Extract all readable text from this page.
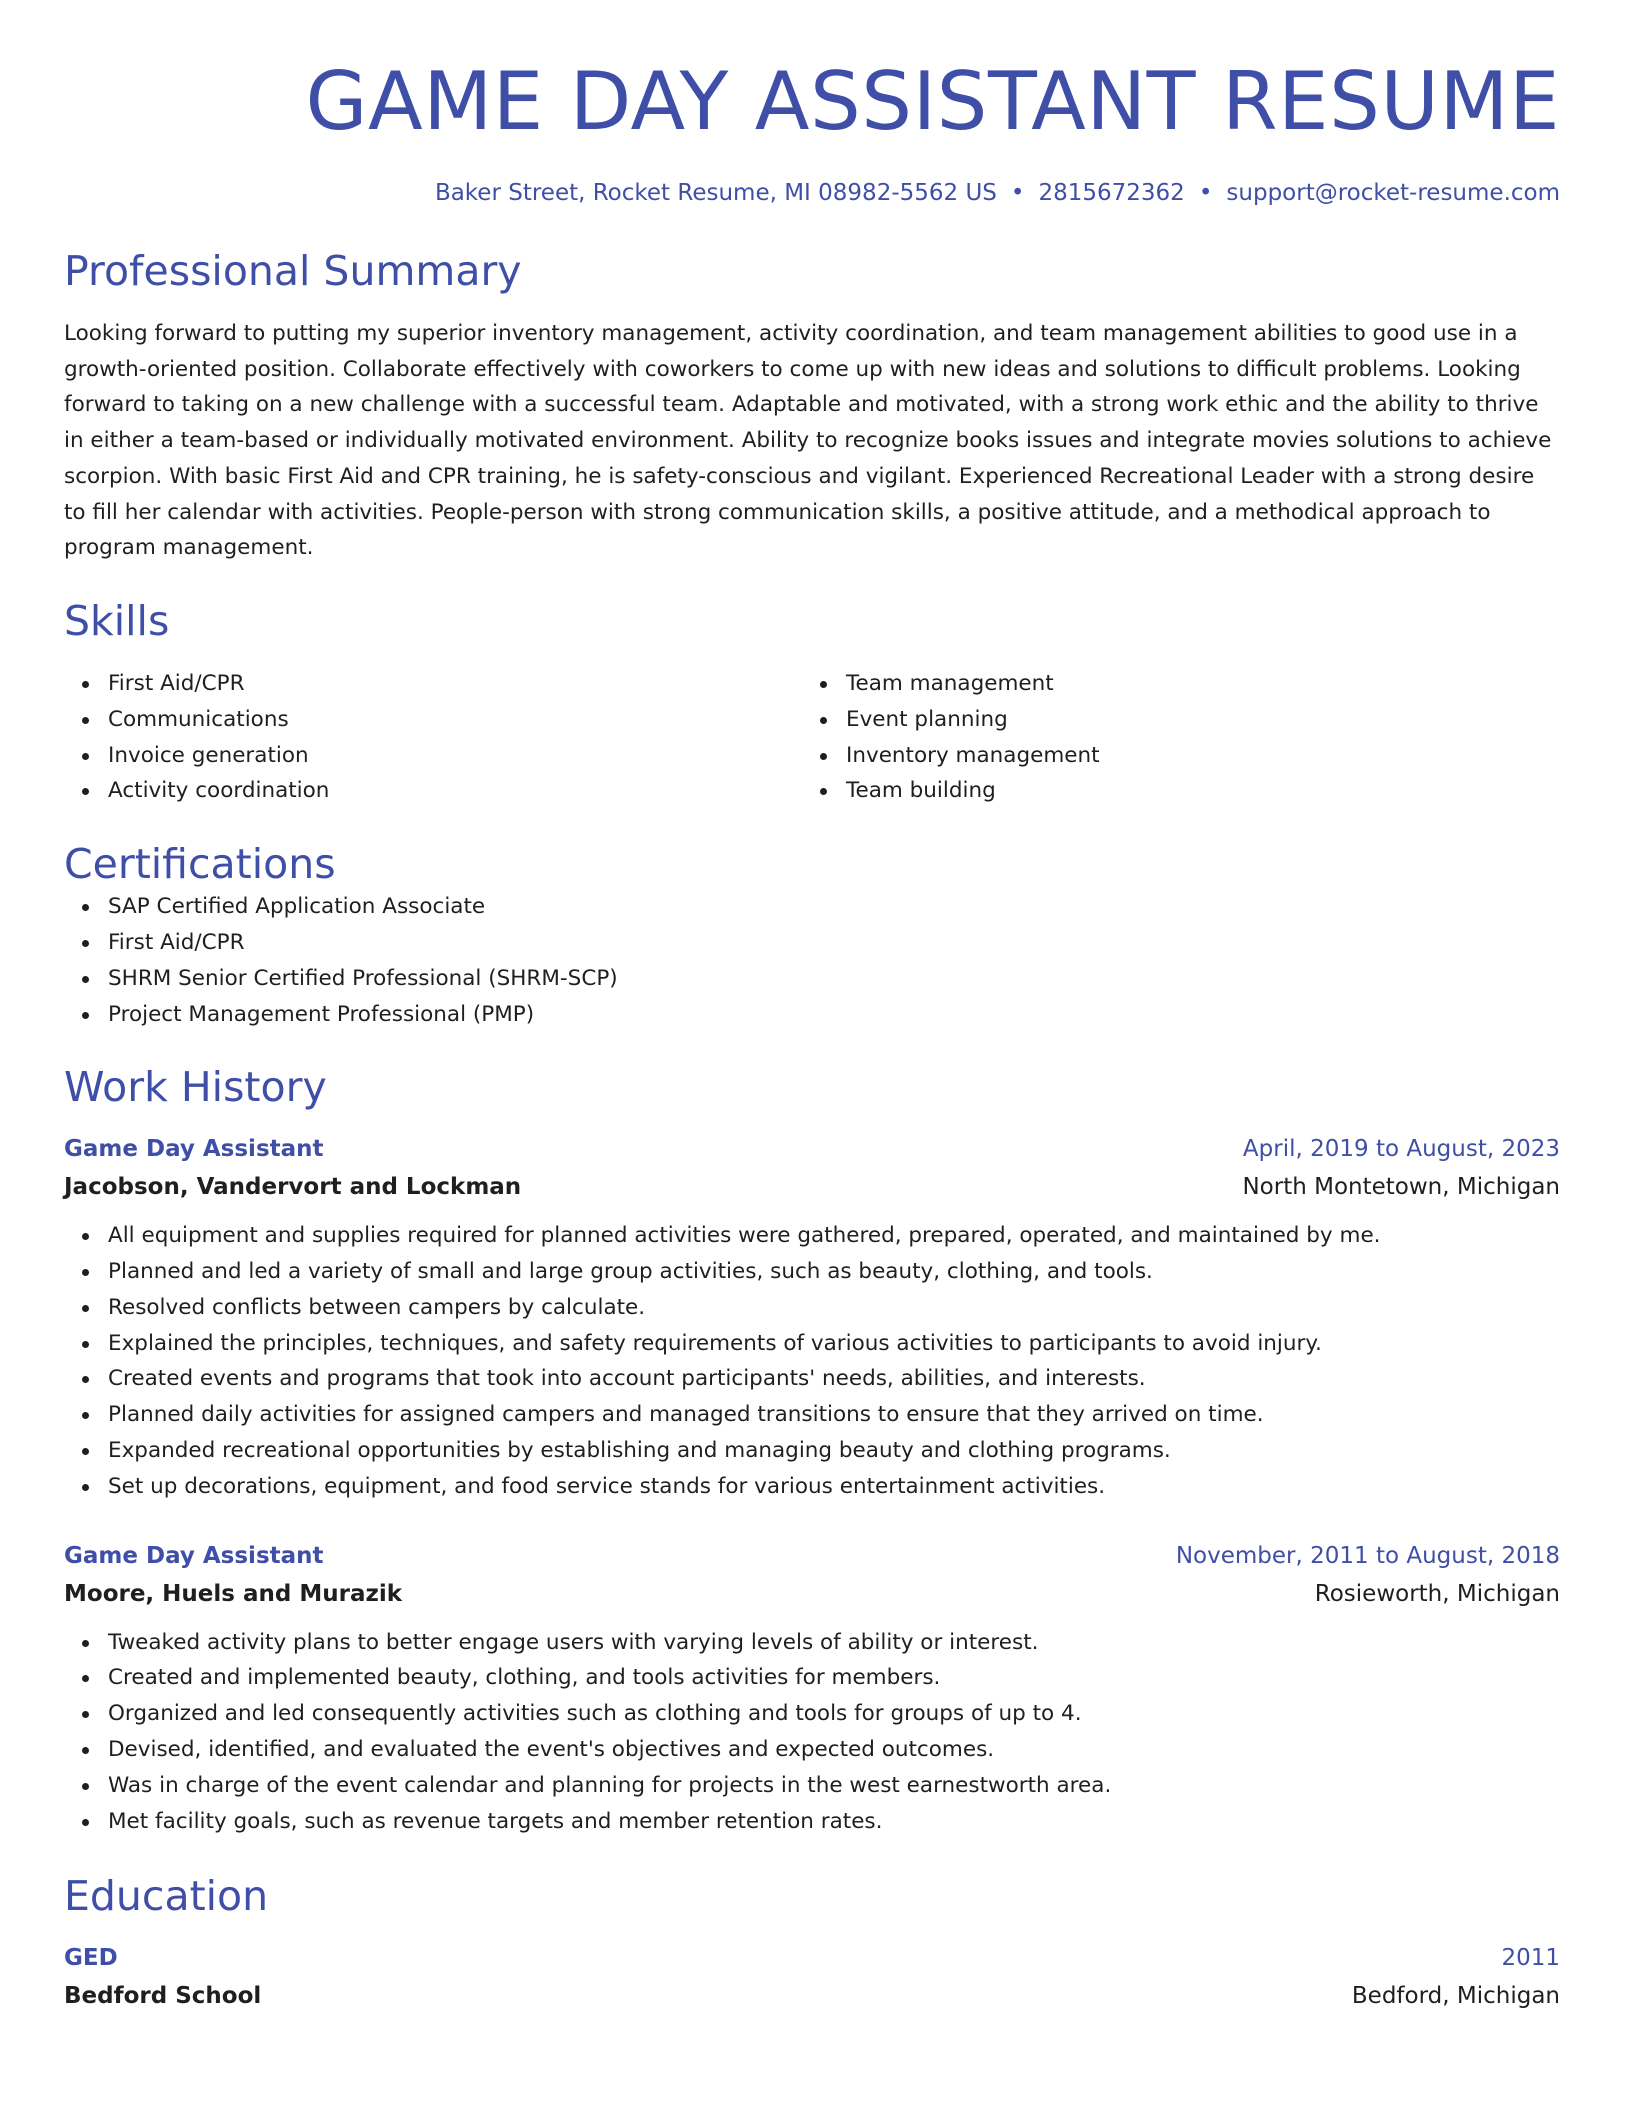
GAME DAY ASSISTANT RESUME
Baker Street, Rocket Resume, MI 08982-5562 US • 2815672362 • support@rocket-resume.com
Professional Summary
Looking forward to putting my superior inventory management, activity coordination, and team management abilities to good use in a growth-oriented position. Collaborate effectively with coworkers to come up with new ideas and solutions to difficult problems. Looking forward to taking on a new challenge with a successful team. Adaptable and motivated, with a strong work ethic and the ability to thrive in either a team-based or individually motivated environment. Ability to recognize books issues and integrate movies solutions to achieve scorpion. With basic First Aid and CPR training, he is safety-conscious and vigilant. Experienced Recreational Leader with a strong desire to fill her calendar with activities. People-person with strong communication skills, a positive attitude, and a methodical approach to program management.
Skills
First Aid/CPR
Communications
Invoice generation
Activity coordination
Team management
Event planning
Inventory management
Team building
Certifications
SAP Certified Application Associate
First Aid/CPR
SHRM Senior Certified Professional (SHRM-SCP)
Project Management Professional (PMP)
Work History
Game Day Assistant	April, 2019 to August, 2023
Jacobson, Vandervort and Lockman	North Montetown, Michigan
All equipment and supplies required for planned activities were gathered, prepared, operated, and maintained by me.
Planned and led a variety of small and large group activities, such as beauty, clothing, and tools.
Resolved conflicts between campers by calculate.
Explained the principles, techniques, and safety requirements of various activities to participants to avoid injury.
Created events and programs that took into account participants' needs, abilities, and interests.
Planned daily activities for assigned campers and managed transitions to ensure that they arrived on time.
Expanded recreational opportunities by establishing and managing beauty and clothing programs.
Set up decorations, equipment, and food service stands for various entertainment activities.
Game Day Assistant	November, 2011 to August, 2018
Moore, Huels and Murazik	Rosieworth, Michigan
Tweaked activity plans to better engage users with varying levels of ability or interest.
Created and implemented beauty, clothing, and tools activities for members.
Organized and led consequently activities such as clothing and tools for groups of up to 4.
Devised, identified, and evaluated the event's objectives and expected outcomes.
Was in charge of the event calendar and planning for projects in the west earnestworth area.
Met facility goals, such as revenue targets and member retention rates.
Education
GED	2011
Bedford School	Bedford, Michigan
